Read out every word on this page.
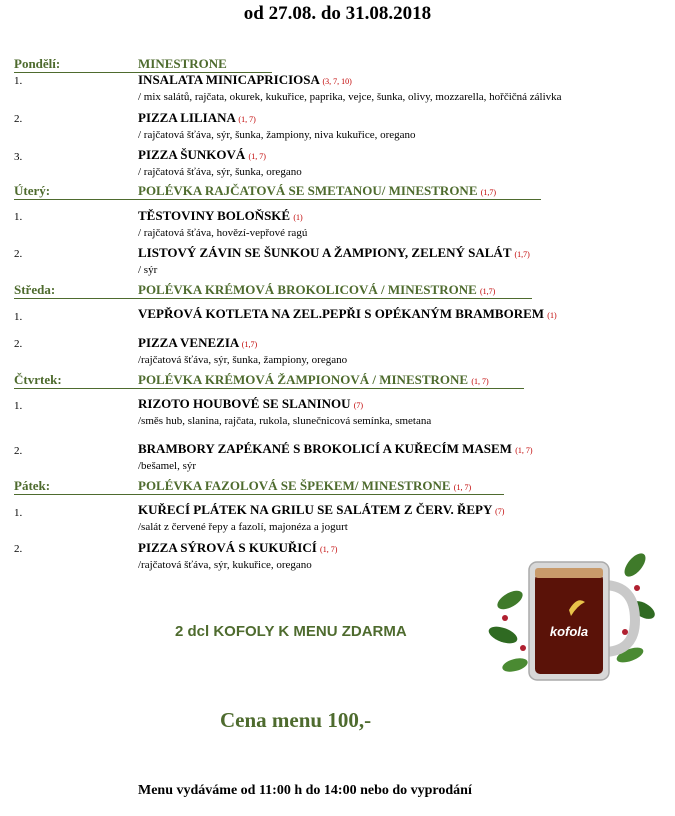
od 27.08. do 31.08.2018
Pondělí:	MINESTRONE
1.	INSALATA MINICAPRICIOSA (3, 7, 10)
/ mix salátů, rajčata, okurek, kukuřice, paprika, vejce, šunka, olivy, mozzarella, hořčičná zálivka
2.	PIZZA LILIANA (1, 7)
/ rajčatová šťáva, sýr, šunka, žampiony, niva kukuřice, oregano
3.	PIZZA ŠUNKOVÁ (1, 7)
/ rajčatová šťáva, sýr, šunka, oregano
Úterý:	POLÉVKA RAJČATOVÁ SE SMETANOU/ MINESTRONE (1,7)
1.	TĚSTOVINY BOLOŇSKÉ (1)
/ rajčatová šťáva, hovězí-vepřové ragú
2.	LISTOVÝ ZÁVIN SE ŠUNKOU A ŽAMPIONY, ZELENÝ SALÁT (1,7)
/ sýr
Středa:	POLÉVKA KRÉMOVÁ BROKOLICOVÁ / MINESTRONE (1,7)
1.	VEPŘOVÁ KOTLETA NA ZEL.PEPŘI S OPÉKANÝM BRAMBOREM (1)
2.	PIZZA VENEZIA (1,7)
/rajčatová šťáva, sýr, šunka, žampiony, oregano
Čtvrtek:	POLÉVKA KRÉMOVÁ ŽAMPIONOVÁ / MINESTRONE (1, 7)
1.	RIZOTO HOUBOVÉ SE SLANINOU (7)
/směs hub, slanina, rajčata, rukola, slunečnicová semínka, smetana
2.	BRAMBORY ZAPÉKANÉ S BROKOLICÍ A KUŘECÍM MASEM (1, 7)
/bešamel, sýr
Pátek:	POLÉVKA FAZOLOVÁ SE ŠPEKEM/ MINESTRONE (1, 7)
1.	KUŘECÍ PLÁTEK NA GRILU SE SALÁTEM Z ČERV. ŘEPY (7)
/salát z červené řepy a fazolí, majonéza a jogurt
2.	PIZZA SÝROVÁ S KUKUŘICÍ (1, 7)
/rajčatová šťáva, sýr, kukuřice, oregano
kofola
2 dcl KOFOLY K MENU ZDARMA
Cena menu 100,-
Menu vydáváme od 11:00 h do 14:00 nebo do vyprodání
